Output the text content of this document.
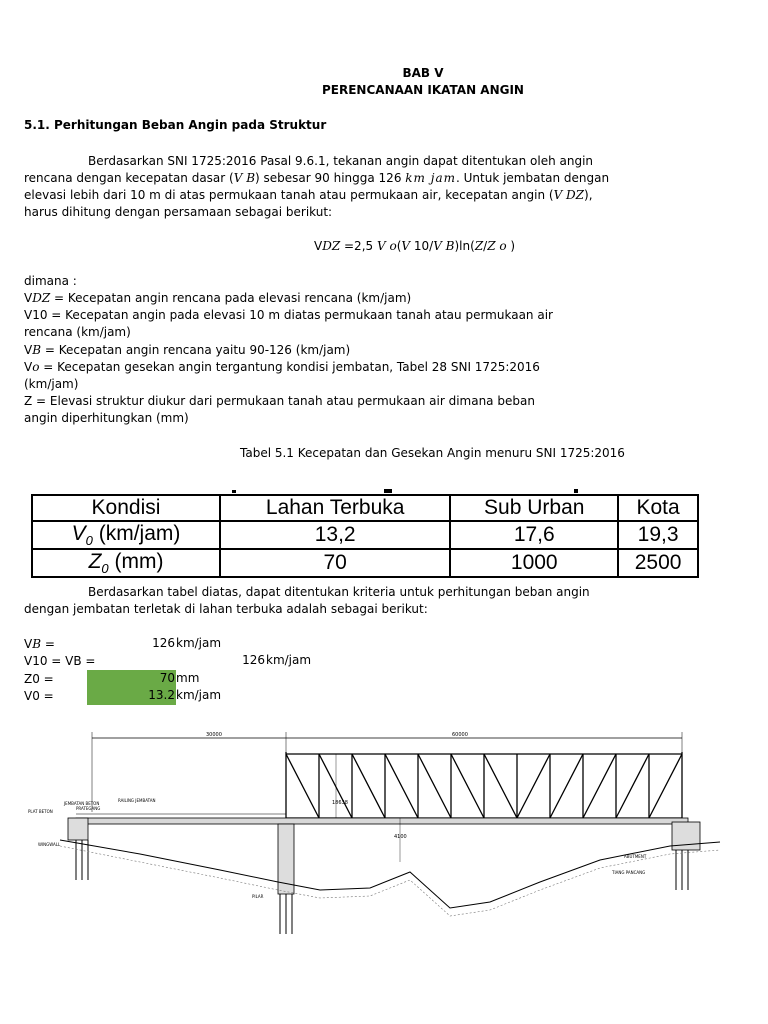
BAB V
PERENCANAAN IKATAN ANGIN
5.1. Perhitungan Beban Angin pada Struktur
Berdasarkan SNI 1725:2016 Pasal 9.6.1, tekanan angin dapat ditentukan oleh angin
rencana dengan kecepatan dasar (V B) sebesar 90 hingga 126 km jam. Untuk jembatan dengan
elevasi lebih dari 10 m di atas permukaan tanah atau permukaan air, kecepatan angin (V DZ),
harus dihitung dengan persamaan sebagai berikut:
VDZ =2,5 V o(V 10/V B)ln(Z/Z o )
dimana :
VDZ = Kecepatan angin rencana pada elevasi rencana (km/jam)
V10 = Kecepatan angin pada elevasi 10 m diatas permukaan tanah atau permukaan air
rencana (km/jam)
VB = Kecepatan angin rencana yaitu 90-126 (km/jam)
Vo = Kecepatan gesekan angin tergantung kondisi jembatan, Tabel 28 SNI 1725:2016
(km/jam)
Z = Elevasi struktur diukur dari permukaan tanah atau permukaan air dimana beban
angin diperhitungkan (mm)
Tabel 5.1 Kecepatan dan Gesekan Angin menuru SNI 1725:2016
Kondisi	Lahan Terbuka	Sub Urban	Kota
$V_0$ (km/jam)	13,2	17,6	19,3
$Z_0$ (mm)	70	1000	2500
Berdasarkan tabel diatas, dapat ditentukan kriteria untuk perhitungan beban angin
dengan jembatan terletak di lahan terbuka adalah sebagai berikut:
VB =	126 km/jam
V10 = VB =	126 km/jam
Z0 =	70 mm
V0 =	13.2 km/jam
30000	60000
18638
4100
PLAT BETON
JEMBATAN BETON
PRATEGANG
RAILING JEMBATAN
WINGWALL
ABUTMENT
TIANG PANCANG
PILAR
